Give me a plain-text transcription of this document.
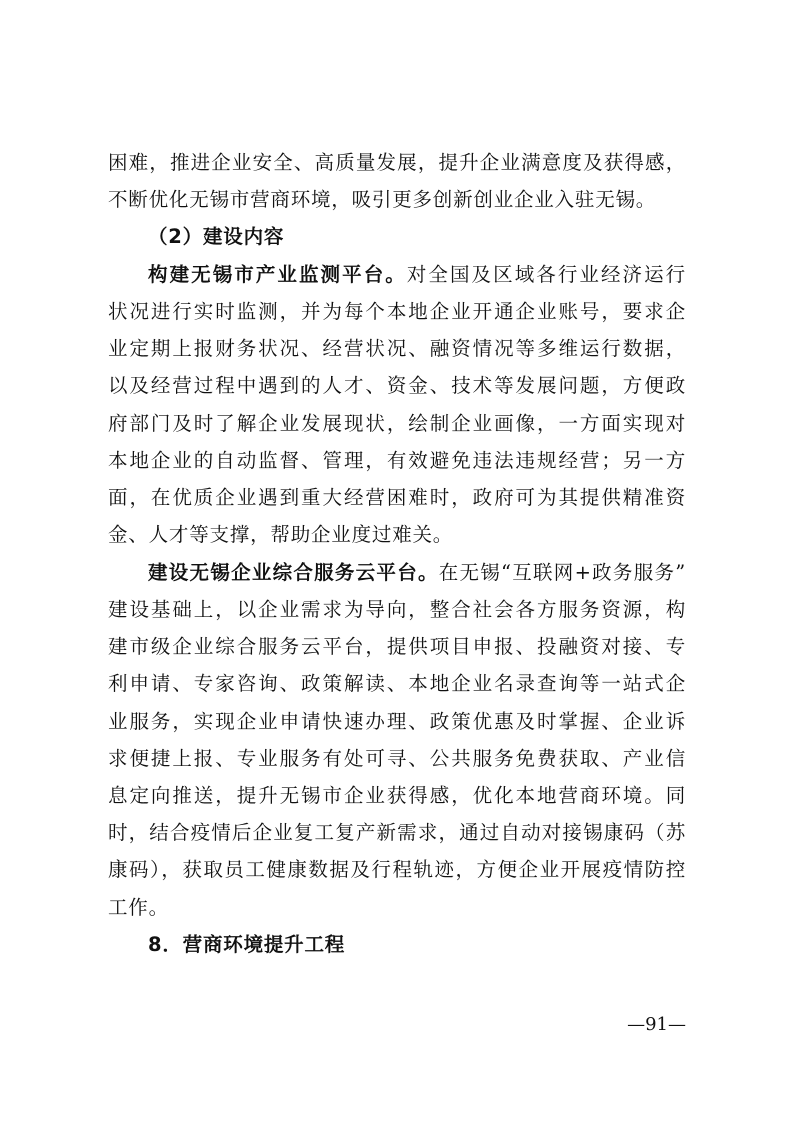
困难，推进企业安全、高质量发展，提升企业满意度及获得感，
不断优化无锡市营商环境，吸引更多创新创业企业入驻无锡。
（2）建设内容
构建无锡市产业监测平台。对全国及区域各行业经济运行
状况进行实时监测，并为每个本地企业开通企业账号，要求企
业定期上报财务状况、经营状况、融资情况等多维运行数据，
以及经营过程中遇到的人才、资金、技术等发展问题，方便政
府部门及时了解企业发展现状，绘制企业画像，一方面实现对
本地企业的自动监督、管理，有效避免违法违规经营；另一方
面，在优质企业遇到重大经营困难时，政府可为其提供精准资
金、人才等支撑，帮助企业度过难关。
建设无锡企业综合服务云平台。在无锡“互联网+政务服务”
建设基础上，以企业需求为导向，整合社会各方服务资源，构
建市级企业综合服务云平台，提供项目申报、投融资对接、专
利申请、专家咨询、政策解读、本地企业名录查询等一站式企
业服务，实现企业申请快速办理、政策优惠及时掌握、企业诉
求便捷上报、专业服务有处可寻、公共服务免费获取、产业信
息定向推送，提升无锡市企业获得感，优化本地营商环境。同
时，结合疫情后企业复工复产新需求，通过自动对接锡康码（苏
康码），获取员工健康数据及行程轨迹，方便企业开展疫情防控
工作。
8．营商环境提升工程
—91—
